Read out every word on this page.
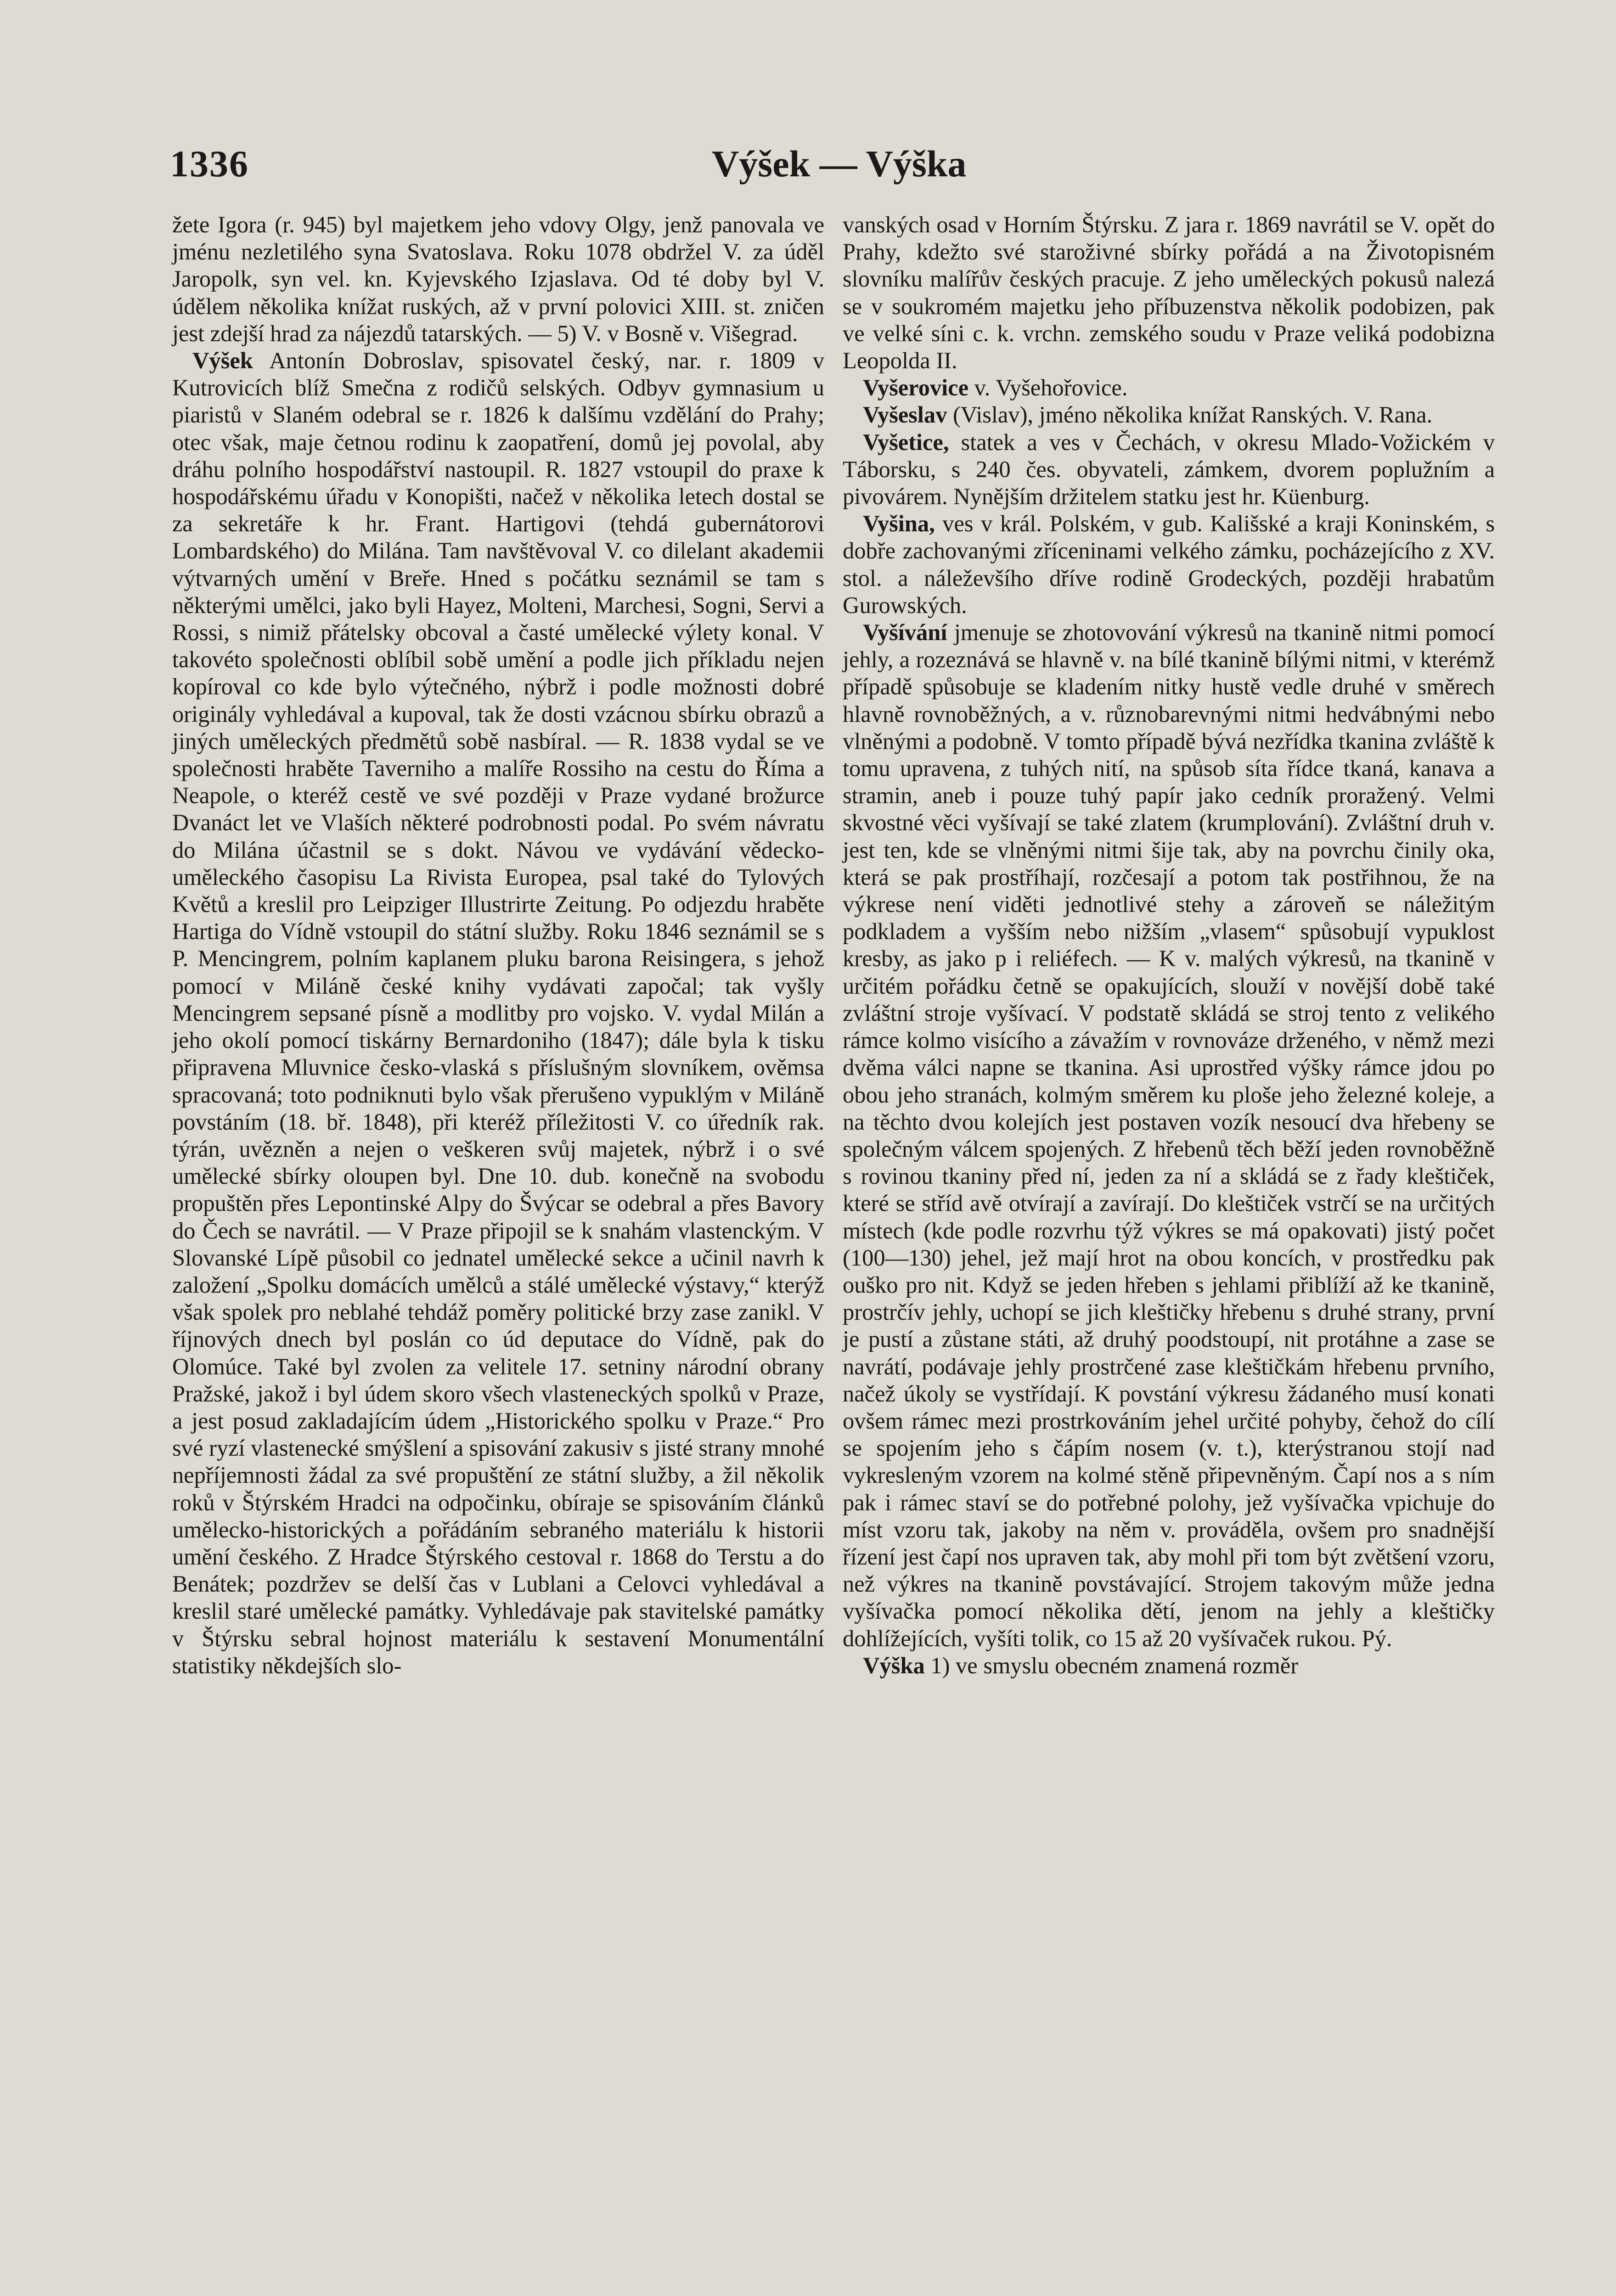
1336	Výšek — Výška

žete Igora (r. 945) byl majetkem jeho vdovy Olgy, jenž panovala ve jménu nezletilého syna Svatoslava. Roku 1078 obdržel V. za úděl Jaropolk, syn vel. kn. Kyjevského Izjaslava. Od té doby byl V. údělem několika knížat ruských, až v první polovici XIII. st. zničen jest zdejší hrad za nájezdů tatarských. — 5) V. v Bosně v. Višegrad.

Výšek Antonín Dobroslav, spisovatel český, nar. r. 1809 v Kutrovicích blíž Smečna z rodičů selských. Odbyv gymnasium u piaristů v Slaném odebral se r. 1826 k dalšímu vzdělání do Prahy; otec však, maje četnou rodinu k zaopatření, domů jej povolal, aby dráhu polního hospodářství nastoupil. R. 1827 vstoupil do praxe k hospodářskému úřadu v Konopišti, načež v několika letech dostal se za sekretáře k hr. Frant. Hartigovi (tehdá gubernátorovi Lombardského) do Milána. Tam navštěvoval V. co dilelant akademii výtvarných umění v Breře. Hned s počátku seznámil se tam s některými umělci, jako byli Hayez, Molteni, Marchesi, Sogni, Servi a Rossi, s nimiž přátelsky obcoval a časté umělecké výlety konal. V takovéto společnosti oblíbil sobě umění a podle jich příkladu nejen kopíroval co kde bylo výtečného, nýbrž i podle možnosti dobré originály vyhledával a kupoval, tak že dosti vzácnou sbírku obrazů a jiných uměleckých předmětů sobě nasbíral. — R. 1838 vydal se ve společnosti hraběte Taverniho a malíře Rossiho na cestu do Říma a Neapole, o kteréž cestě ve své později v Praze vydané brožurce Dvanáct let ve Vlaších některé podrobnosti podal. Po svém návratu do Milána účastnil se s dokt. Návou ve vydávání vědecko-uměleckého časopisu La Rivista Europea, psal také do Tylových Květů a kreslil pro Leipziger Illustrirte Zeitung. Po odjezdu hraběte Hartiga do Vídně vstoupil do státní služby. Roku 1846 seznámil se s P. Mencingrem, polním kaplanem pluku barona Reisingera, s jehož pomocí v Miláně české knihy vydávati započal; tak vyšly Mencingrem sepsané písně a modlitby pro vojsko. V. vydal Milán a jeho okolí pomocí tiskárny Bernardoniho (1847); dále byla k tisku připravena Mluvnice česko-vlaská s příslušným slovníkem, ověmsa spracovaná; toto podniknuti bylo však přerušeno vypuklým v Miláně povstáním (18. bř. 1848), při kteréž příležitosti V. co úředník rak. týrán, uvězněn a nejen o veškeren svůj majetek, nýbrž i o své umělecké sbírky oloupen byl. Dne 10. dub. konečně na svobodu propuštěn přes Lepontinské Alpy do Švýcar se odebral a přes Bavory do Čech se navrátil. — V Praze připojil se k snahám vlastenckým. V Slovanské Lípě působil co jednatel umělecké sekce a učinil navrh k založení „Spolku domácích umělců a stálé umělecké výstavy,“ kterýž však spolek pro neblahé tehdáž poměry politické brzy zase zanikl. V říjnových dnech byl poslán co úd deputace do Vídně, pak do Olomúce. Také byl zvolen za velitele 17. setniny národní obrany Pražské, jakož i byl údem skoro všech vlasteneckých spolků v Praze, a jest posud zakladajícím údem „Historického spolku v Praze.“ Pro své ryzí vlastenecké smýšlení a spisování zakusiv s jisté strany mnohé nepříjemnosti žádal za své propuštění ze státní služby, a žil několik roků v Štýrském Hradci na odpočinku, obíraje se spisováním článků umělecko-historických a pořádáním sebraného materiálu k historii umění českého. Z Hradce Štýrského cestoval r. 1868 do Terstu a do Benátek; pozdržev se delší čas v Lublani a Celovci vyhledával a kreslil staré umělecké památky. Vyhledávaje pak stavitelské památky v Štýrsku sebral hojnost materiálu k sestavení Monumentální statistiky někdejších slo-

vanských osad v Horním Štýrsku. Z jara r. 1869 navrátil se V. opět do Prahy, kdežto své staroživné sbírky pořádá a na Životopisném slovníku malířův českých pracuje. Z jeho uměleckých pokusů nalezá se v soukromém majetku jeho příbuzenstva několik podobizen, pak ve velké síni c. k. vrchn. zemského soudu v Praze veliká podobizna Leopolda II.

Vyšerovice v. Vyšehořovice.

Vyšeslav (Vislav), jméno několika knížat Ranských. V. Rana.

Vyšetice, statek a ves v Čechách, v okresu Mlado-Vožickém v Táborsku, s 240 čes. obyvateli, zámkem, dvorem poplužním a pivovárem. Nynějším držitelem statku jest hr. Küenburg.

Vyšina, ves v král. Polském, v gub. Kališské a kraji Koninském, s dobře zachovanými zříceninami velkého zámku, pocházejícího z XV. stol. a náleževšího dříve rodině Grodeckých, později hrabatům Gurowských.

Vyšívání jmenuje se zhotovování výkresů na tkanině nitmi pomocí jehly, a rozeznává se hlavně v. na bílé tkanině bílými nitmi, v kterémž případě spůsobuje se kladením nitky hustě vedle druhé v směrech hlavně rovnoběžných, a v. různobarevnými nitmi hedvábnými nebo vlněnými a podobně. V tomto případě bývá nezřídka tkanina zvláště k tomu upravena, z tuhých nití, na spůsob síta řídce tkaná, kanava a stramin, aneb i pouze tuhý papír jako cedník proražený. Velmi skvostné věci vyšívají se také zlatem (krumplování). Zvláštní druh v. jest ten, kde se vlněnými nitmi šije tak, aby na povrchu činily oka, která se pak prostříhají, rozčesají a potom tak postřihnou, že na výkrese není viděti jednotlivé stehy a zároveň se náležitým podkladem a vyšším nebo nižším „vlasem“ spůsobují vypuklost kresby, as jako p i reliéfech. — K v. malých výkresů, na tkanině v určitém pořádku četně se opakujících, slouží v novější době také zvláštní stroje vyšívací. V podstatě skládá se stroj tento z velikého rámce kolmo visícího a závažím v rovnováze drženého, v němž mezi dvěma válci napne se tkanina. Asi uprostřed výšky rámce jdou po obou jeho stranách, kolmým směrem ku ploše jeho železné koleje, a na těchto dvou kolejích jest postaven vozík nesoucí dva hřebeny se společným válcem spojených. Z hřebenů těch běží jeden rovnoběžně s rovinou tkaniny před ní, jeden za ní a skládá se z řady kleštiček, které se stříd avě otvírají a zavírají. Do kleštiček vstrčí se na určitých místech (kde podle rozvrhu týž výkres se má opakovati) jistý počet (100—130) jehel, jež mají hrot na obou koncích, v prostředku pak ouško pro nit. Když se jeden hřeben s jehlami přiblíží až ke tkanině, prostrčív jehly, uchopí se jich kleštičky hřebenu s druhé strany, první je pustí a zůstane státi, až druhý poodstoupí, nit protáhne a zase se navrátí, podávaje jehly prostrčené zase kleštičkám hřebenu prvního, načež úkoly se vystřídají. K povstání výkresu žádaného musí konati ovšem rámec mezi prostrkováním jehel určité pohyby, čehož do cílí se spojením jeho s čápím nosem (v. t.), kterýstranou stojí nad vykresleným vzorem na kolmé stěně připevněným. Čapí nos a s ním pak i rámec staví se do potřebné polohy, jež vyšívačka vpichuje do míst vzoru tak, jakoby na něm v. prováděla, ovšem pro snadnější řízení jest čapí nos upraven tak, aby mohl při tom být zvětšení vzoru, než výkres na tkanině povstávající. Strojem takovým může jedna vyšívačka pomocí několika dětí, jenom na jehly a kleštičky dohlížejících, vyšíti tolik, co 15 až 20 vyšívaček rukou. Pý.

Výška 1) ve smyslu obecném znamená rozměr
